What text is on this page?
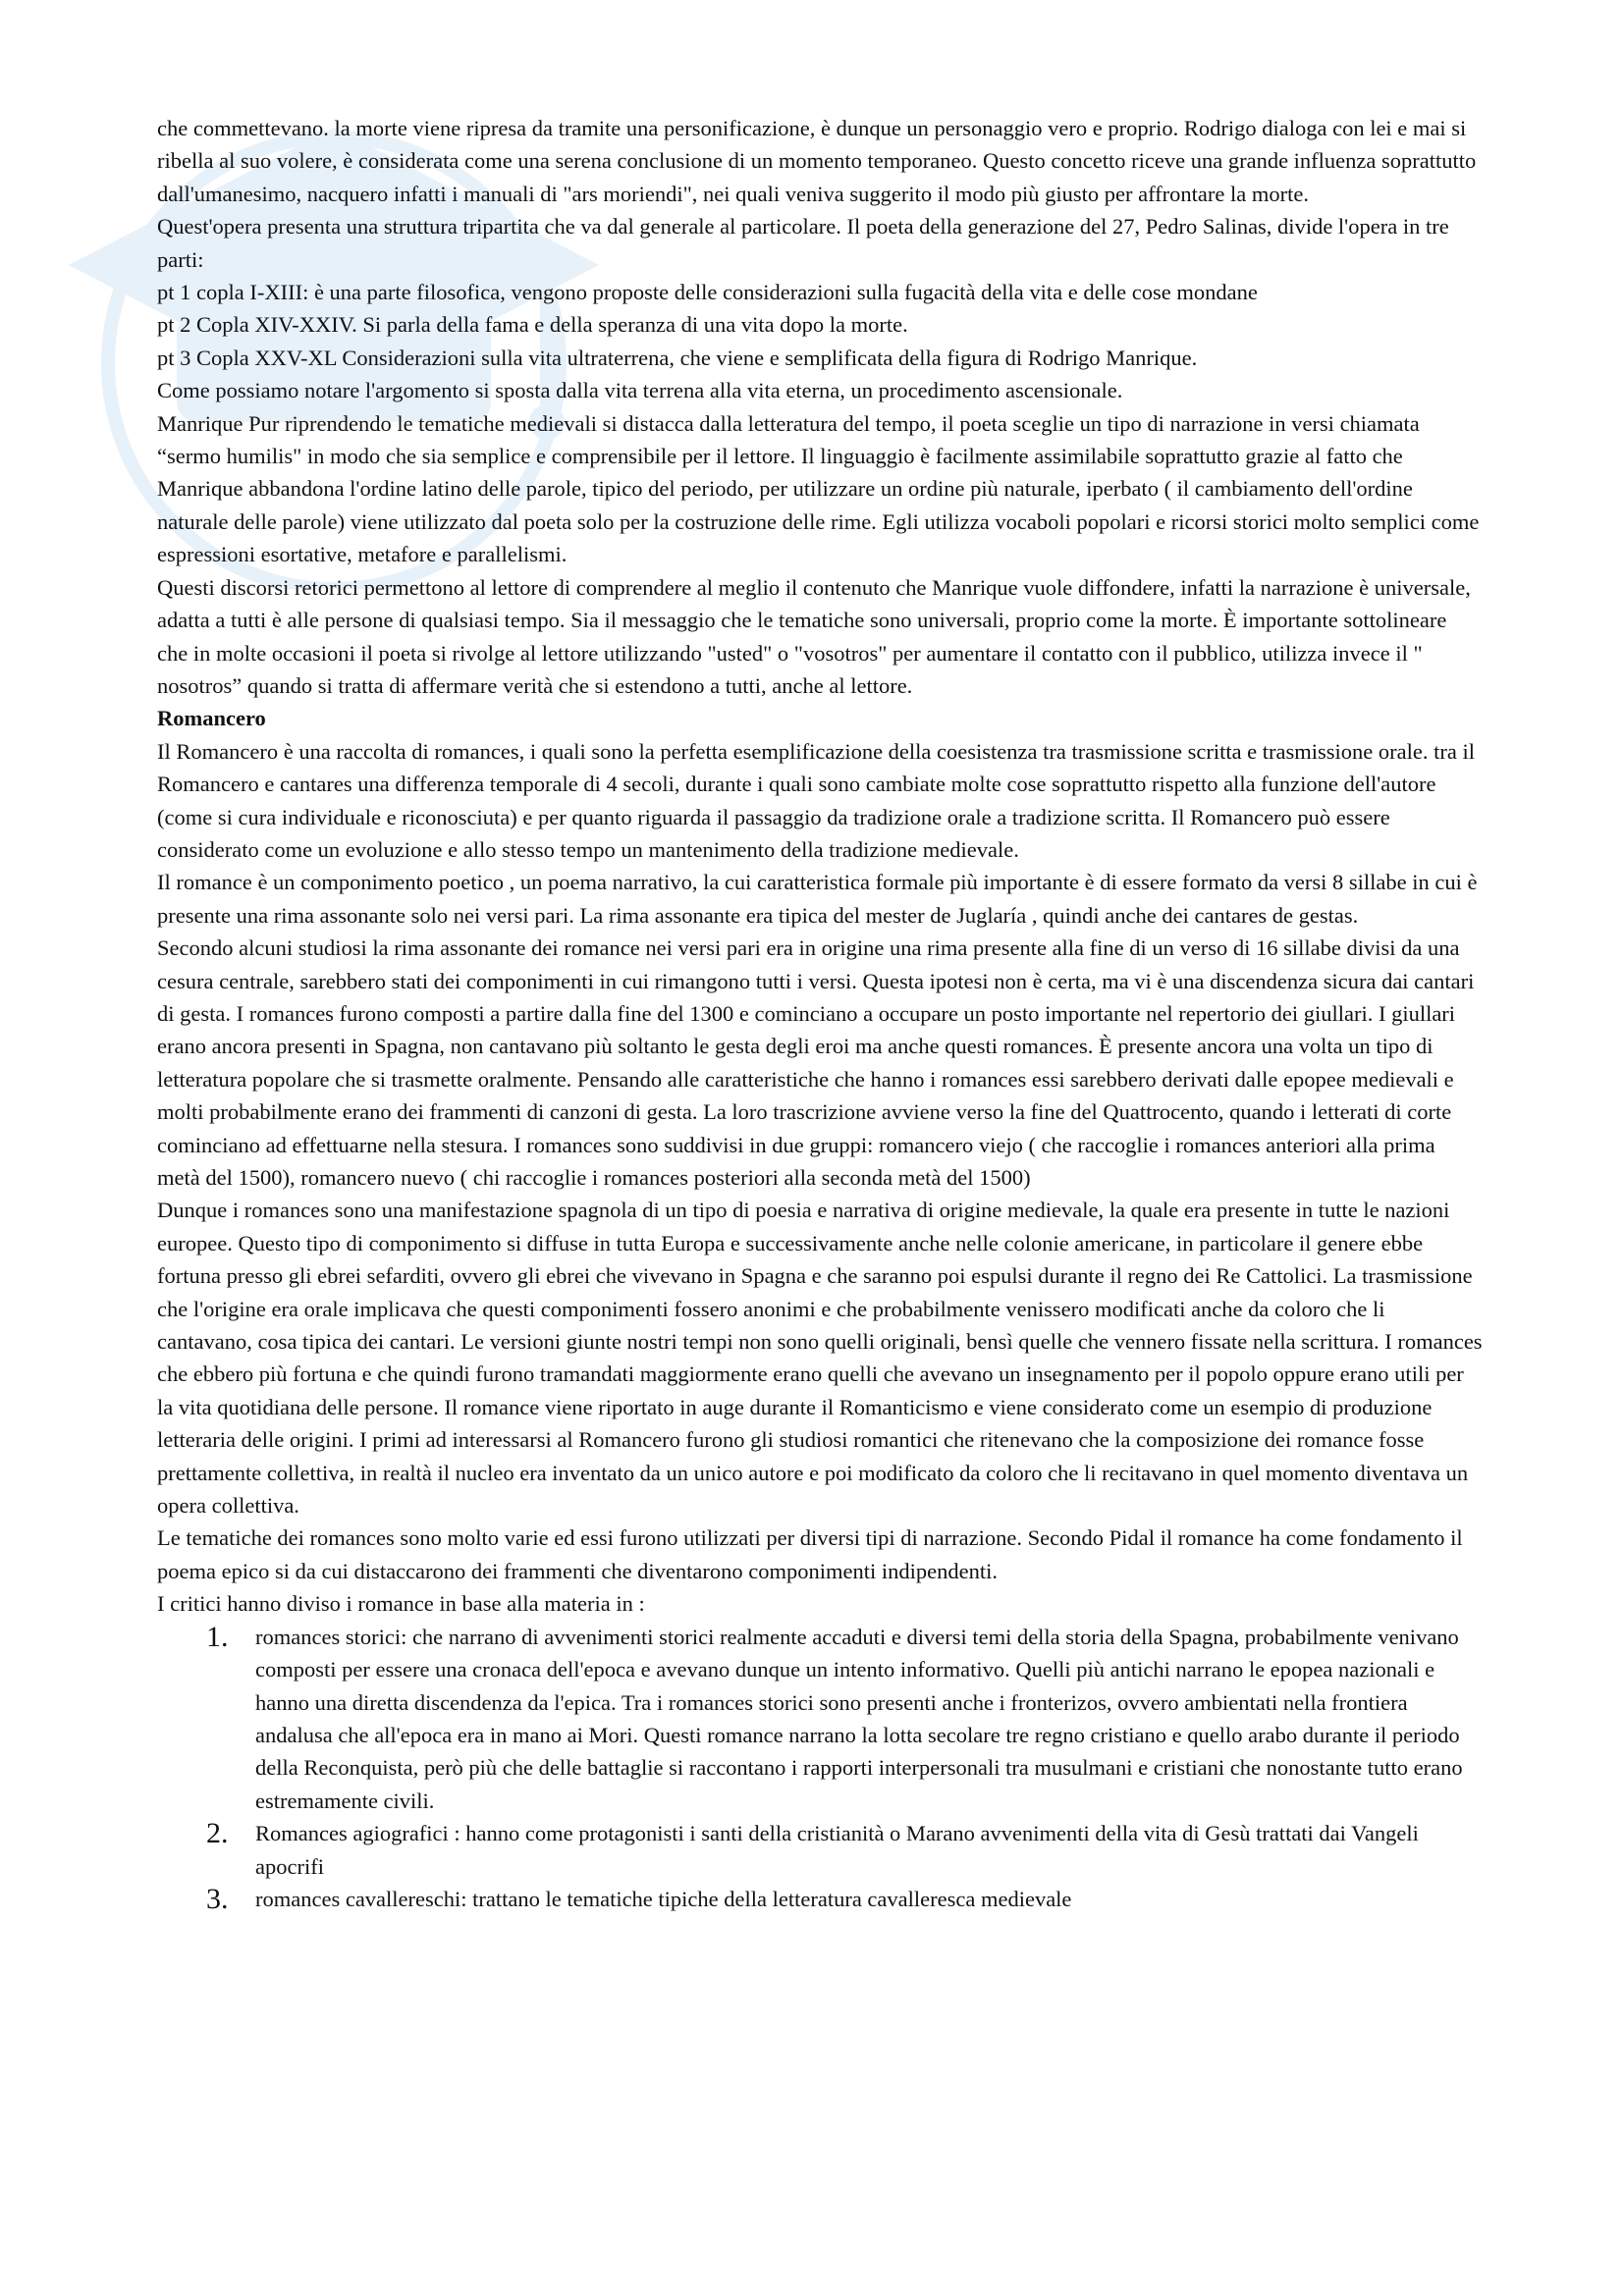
che commettevano. la morte viene ripresa da tramite una personificazione, è dunque un personaggio vero e proprio. Rodrigo dialoga con lei e mai si ribella al suo volere, è considerata come una serena conclusione di un momento temporaneo. Questo concetto riceve una grande influenza soprattutto dall'umanesimo, nacquero infatti i manuali di "ars moriendi", nei quali veniva suggerito il modo più giusto per affrontare la morte.

Quest'opera presenta una struttura tripartita che va dal generale al particolare. Il poeta della generazione del 27, Pedro Salinas, divide l'opera in tre parti:

pt 1 copla I-XIII: è una parte filosofica, vengono proposte delle considerazioni sulla fugacità della vita e delle cose mondane

pt 2 Copla XIV-XXIV. Si parla della fama e della speranza di una vita dopo la morte.

pt 3 Copla XXV-XL Considerazioni sulla vita ultraterrena, che viene e semplificata della figura di Rodrigo Manrique.

Come possiamo notare l'argomento si sposta dalla vita terrena alla vita eterna, un procedimento ascensionale.

Manrique Pur riprendendo le tematiche medievali si distacca dalla letteratura del tempo, il poeta sceglie un tipo di narrazione in versi chiamata “sermo humilis" in modo che sia semplice e comprensibile per il lettore. Il linguaggio è facilmente assimilabile soprattutto grazie al fatto che Manrique abbandona l'ordine latino delle parole, tipico del periodo, per utilizzare un ordine più naturale, iperbato ( il cambiamento dell'ordine naturale delle parole) viene utilizzato dal poeta solo per la costruzione delle rime. Egli utilizza vocaboli popolari e ricorsi storici molto semplici come espressioni esortative, metafore e parallelismi.

Questi discorsi retorici permettono al lettore di comprendere al meglio il contenuto che Manrique vuole diffondere, infatti la narrazione è universale, adatta a tutti è alle persone di qualsiasi tempo. Sia il messaggio che le tematiche sono universali, proprio come la morte. È importante sottolineare che in molte occasioni il poeta si rivolge al lettore utilizzando "usted" o "vosotros" per aumentare il contatto con il pubblico, utilizza invece il " nosotros” quando si tratta di affermare verità che si estendono a tutti, anche al lettore.

Romancero

Il Romancero è una raccolta di romances, i quali sono la perfetta esemplificazione della coesistenza tra trasmissione scritta e trasmissione orale. tra il Romancero e cantares una differenza temporale di 4 secoli, durante i quali sono cambiate molte cose soprattutto rispetto alla funzione dell'autore (come si cura individuale e riconosciuta) e per quanto riguarda il passaggio da tradizione orale a tradizione scritta. Il Romancero può essere considerato come un evoluzione e allo stesso tempo un mantenimento della tradizione medievale.

Il romance è un componimento poetico , un poema narrativo, la cui caratteristica formale più importante è di essere formato da versi 8 sillabe in cui è presente una rima assonante solo nei versi pari. La rima assonante era tipica del mester de Juglaría , quindi anche dei cantares de gestas.

Secondo alcuni studiosi la rima assonante dei romance nei versi pari era in origine una rima presente alla fine di un verso di 16 sillabe divisi da una cesura centrale, sarebbero stati dei componimenti in cui rimangono tutti i versi. Questa ipotesi non è certa, ma vi è una discendenza sicura dai cantari di gesta. I romances furono composti a partire dalla fine del 1300 e cominciano a occupare un posto importante nel repertorio dei giullari. I giullari erano ancora presenti in Spagna, non cantavano più soltanto le gesta degli eroi ma anche questi romances. È presente ancora una volta un tipo di letteratura popolare che si trasmette oralmente. Pensando alle caratteristiche che hanno i romances essi sarebbero derivati dalle epopee medievali e molti probabilmente erano dei frammenti di canzoni di gesta. La loro trascrizione avviene verso la fine del Quattrocento, quando i letterati di corte cominciano ad effettuarne nella stesura. I romances sono suddivisi in due gruppi: romancero viejo ( che raccoglie i romances anteriori alla prima metà del 1500), romancero nuevo ( chi raccoglie i romances posteriori alla seconda metà del 1500)

Dunque i romances sono una manifestazione spagnola di un tipo di poesia e narrativa di origine medievale, la quale era presente in tutte le nazioni europee. Questo tipo di componimento si diffuse in tutta Europa e successivamente anche nelle colonie americane, in particolare il genere ebbe fortuna presso gli ebrei sefarditi, ovvero gli ebrei che vivevano in Spagna e che saranno poi espulsi durante il regno dei Re Cattolici. La trasmissione che l'origine era orale implicava che questi componimenti fossero anonimi e che probabilmente venissero modificati anche da coloro che li cantavano, cosa tipica dei cantari. Le versioni giunte nostri tempi non sono quelli originali, bensì quelle che vennero fissate nella scrittura. I romances che ebbero più fortuna e che quindi furono tramandati maggiormente erano quelli che avevano un insegnamento per il popolo oppure erano utili per la vita quotidiana delle persone. Il romance viene riportato in auge durante il Romanticismo e viene considerato come un esempio di produzione letteraria delle origini. I primi ad interessarsi al Romancero furono gli studiosi romantici che ritenevano che la composizione dei romance fosse prettamente collettiva, in realtà il nucleo era inventato da un unico autore e poi modificato da coloro che li recitavano in quel momento diventava un opera collettiva.

Le tematiche dei romances sono molto varie ed essi furono utilizzati per diversi tipi di narrazione. Secondo Pidal il romance ha come fondamento il poema epico si da cui distaccarono dei frammenti che diventarono componimenti indipendenti.

I critici hanno diviso i romance in base alla materia in :

1. romances storici: che narrano di avvenimenti storici realmente accaduti e diversi temi della storia della Spagna, probabilmente venivano composti per essere una cronaca dell'epoca e avevano dunque un intento informativo. Quelli più antichi narrano le epopea nazionali e hanno una diretta discendenza da l'epica. Tra i romances storici sono presenti anche i fronterizos, ovvero ambientati nella frontiera andalusa che all'epoca era in mano ai Mori. Questi romance narrano la lotta secolare tre regno cristiano e quello arabo durante il periodo della Reconquista, però più che delle battaglie si raccontano i rapporti interpersonali tra musulmani e cristiani che nonostante tutto erano estremamente civili.
2. Romances agiografici : hanno come protagonisti i santi della cristianità o Marano avvenimenti della vita di Gesù trattati dai Vangeli apocrifi
3. romances cavallereschi: trattano le tematiche tipiche della letteratura cavalleresca medievale
